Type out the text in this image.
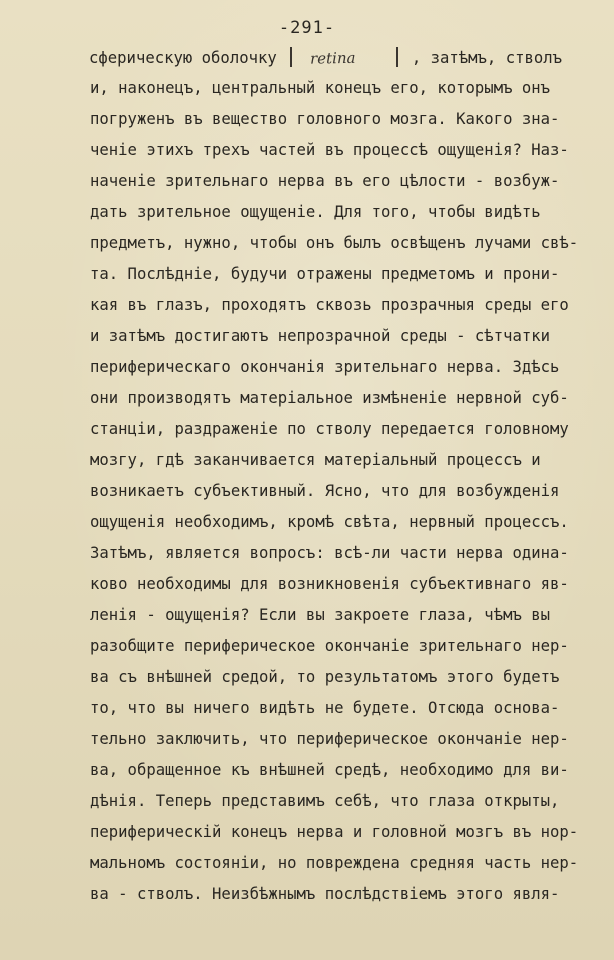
-291-
сферическую оболочку retina	, затѣмъ, стволъ
и, наконецъ, центральный конецъ его, которымъ онъ
погруженъ въ вещество головного мозга. Какого зна-
ченіе этихъ трехъ частей въ процессѣ ощущенія? Наз-
наченіе зрительнаго нерва въ его цѣлости - возбуж-
дать зрительное ощущеніе. Для того, чтобы видѣть
предметъ, нужно, чтобы онъ былъ освѣщенъ лучами свѣ-
та. Послѣдніе, будучи отражены предметомъ и прони-
кая въ глазъ, проходятъ сквозь прозрачныя среды его
и затѣмъ достигаютъ непрозрачной среды - сѣтчатки
периферическаго окончанія зрительнаго нерва. Здѣсь
они производятъ матеріальное измѣненіе нервной суб-
станціи, раздраженіе по стволу передается головному
мозгу, гдѣ заканчивается матеріальный процессъ и
возникаетъ субъективный. Ясно, что для возбужденія
ощущенія необходимъ, кромѣ свѣта, нервный процессъ.
Затѣмъ, является вопросъ: всѣ-ли части нерва одина-
ково необходимы для возникновенія субъективнаго яв-
ленія - ощущенія? Если вы закроете глаза, чѣмъ вы
разобщите периферическое окончаніе зрительнаго нер-
ва съ внѣшней средой, то результатомъ этого будетъ
то, что вы ничего видѣть не будете. Отсюда основа-
тельно заключить, что периферическое окончаніе нер-
ва, обращенное къ внѣшней средѣ, необходимо для ви-
дѣнія. Теперь представимъ себѣ, что глаза открыты,
периферическій конецъ нерва и головной мозгъ въ нор-
мальномъ состояніи, но повреждена средняя часть нер-
ва - стволъ. Неизбѣжнымъ послѣдствіемъ этого явля-
